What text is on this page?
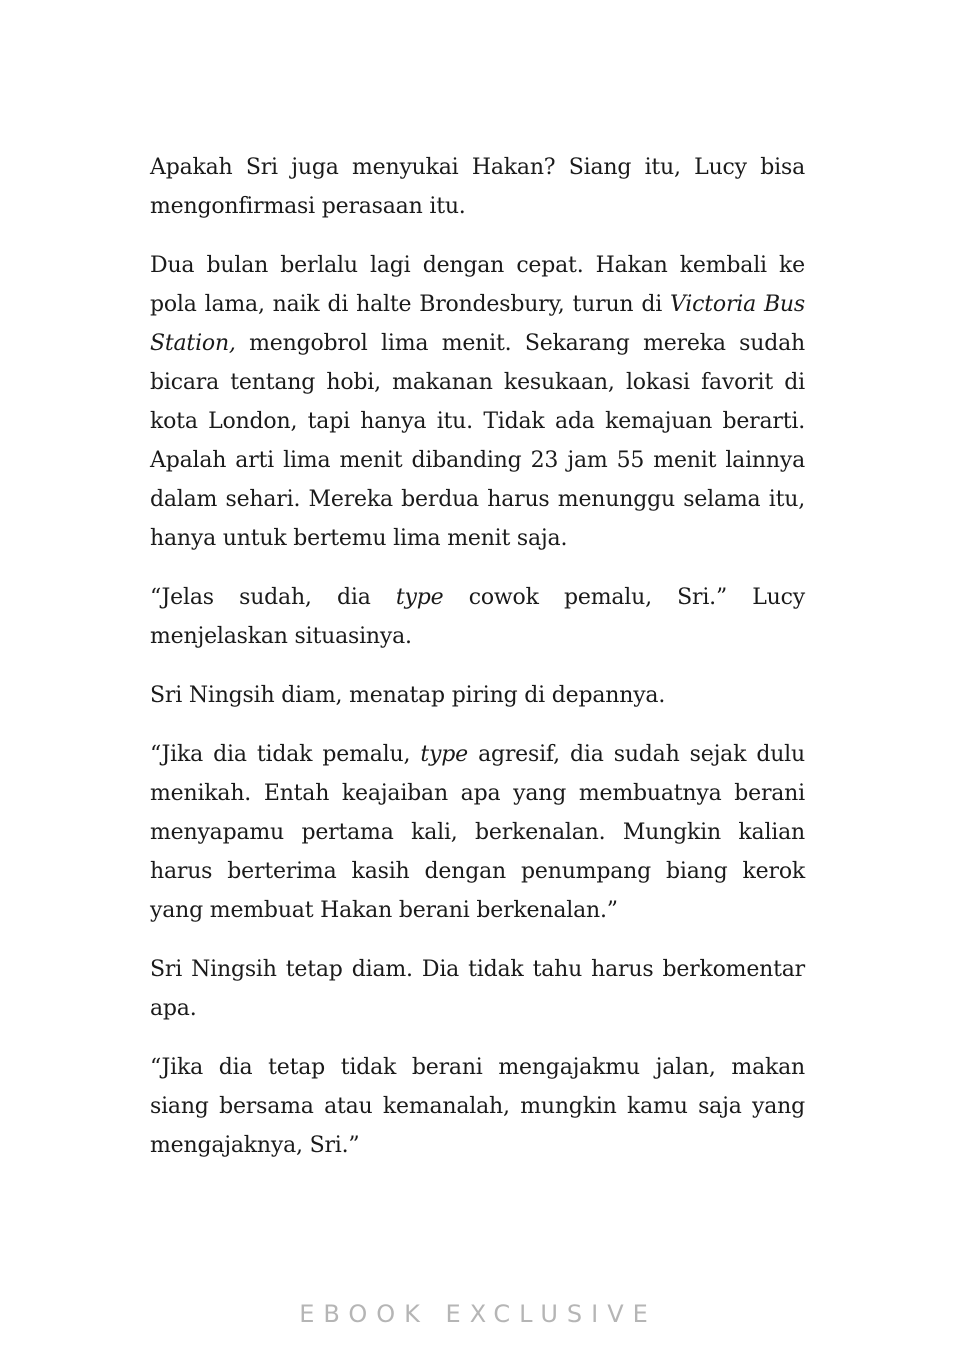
Apakah Sri juga menyukai Hakan? Siang itu, Lucy bisa mengonfirmasi perasaan itu.

Dua bulan berlalu lagi dengan cepat. Hakan kembali ke pola lama, naik di halte Brondesbury, turun di Victoria Bus Station, mengobrol lima menit. Sekarang mereka sudah bicara tentang hobi, makanan kesukaan, lokasi favorit di kota London, tapi hanya itu. Tidak ada kemajuan berarti. Apalah arti lima menit dibanding 23 jam 55 menit lainnya dalam sehari. Mereka berdua harus menunggu selama itu, hanya untuk bertemu lima menit saja.

“Jelas sudah, dia type cowok pemalu, Sri.” Lucy menjelaskan situasinya.

Sri Ningsih diam, menatap piring di depannya.

“Jika dia tidak pemalu, type agresif, dia sudah sejak dulu menikah. Entah keajaiban apa yang membuatnya berani menyapamu pertama kali, berkenalan. Mungkin kalian harus berterima kasih dengan penumpang biang kerok yang membuat Hakan berani berkenalan.”

Sri Ningsih tetap diam. Dia tidak tahu harus berkomentar apa.

“Jika dia tetap tidak berani mengajakmu jalan, makan siang bersama atau kemanalah, mungkin kamu saja yang mengajaknya, Sri.”

EBOOK EXCLUSIVE
